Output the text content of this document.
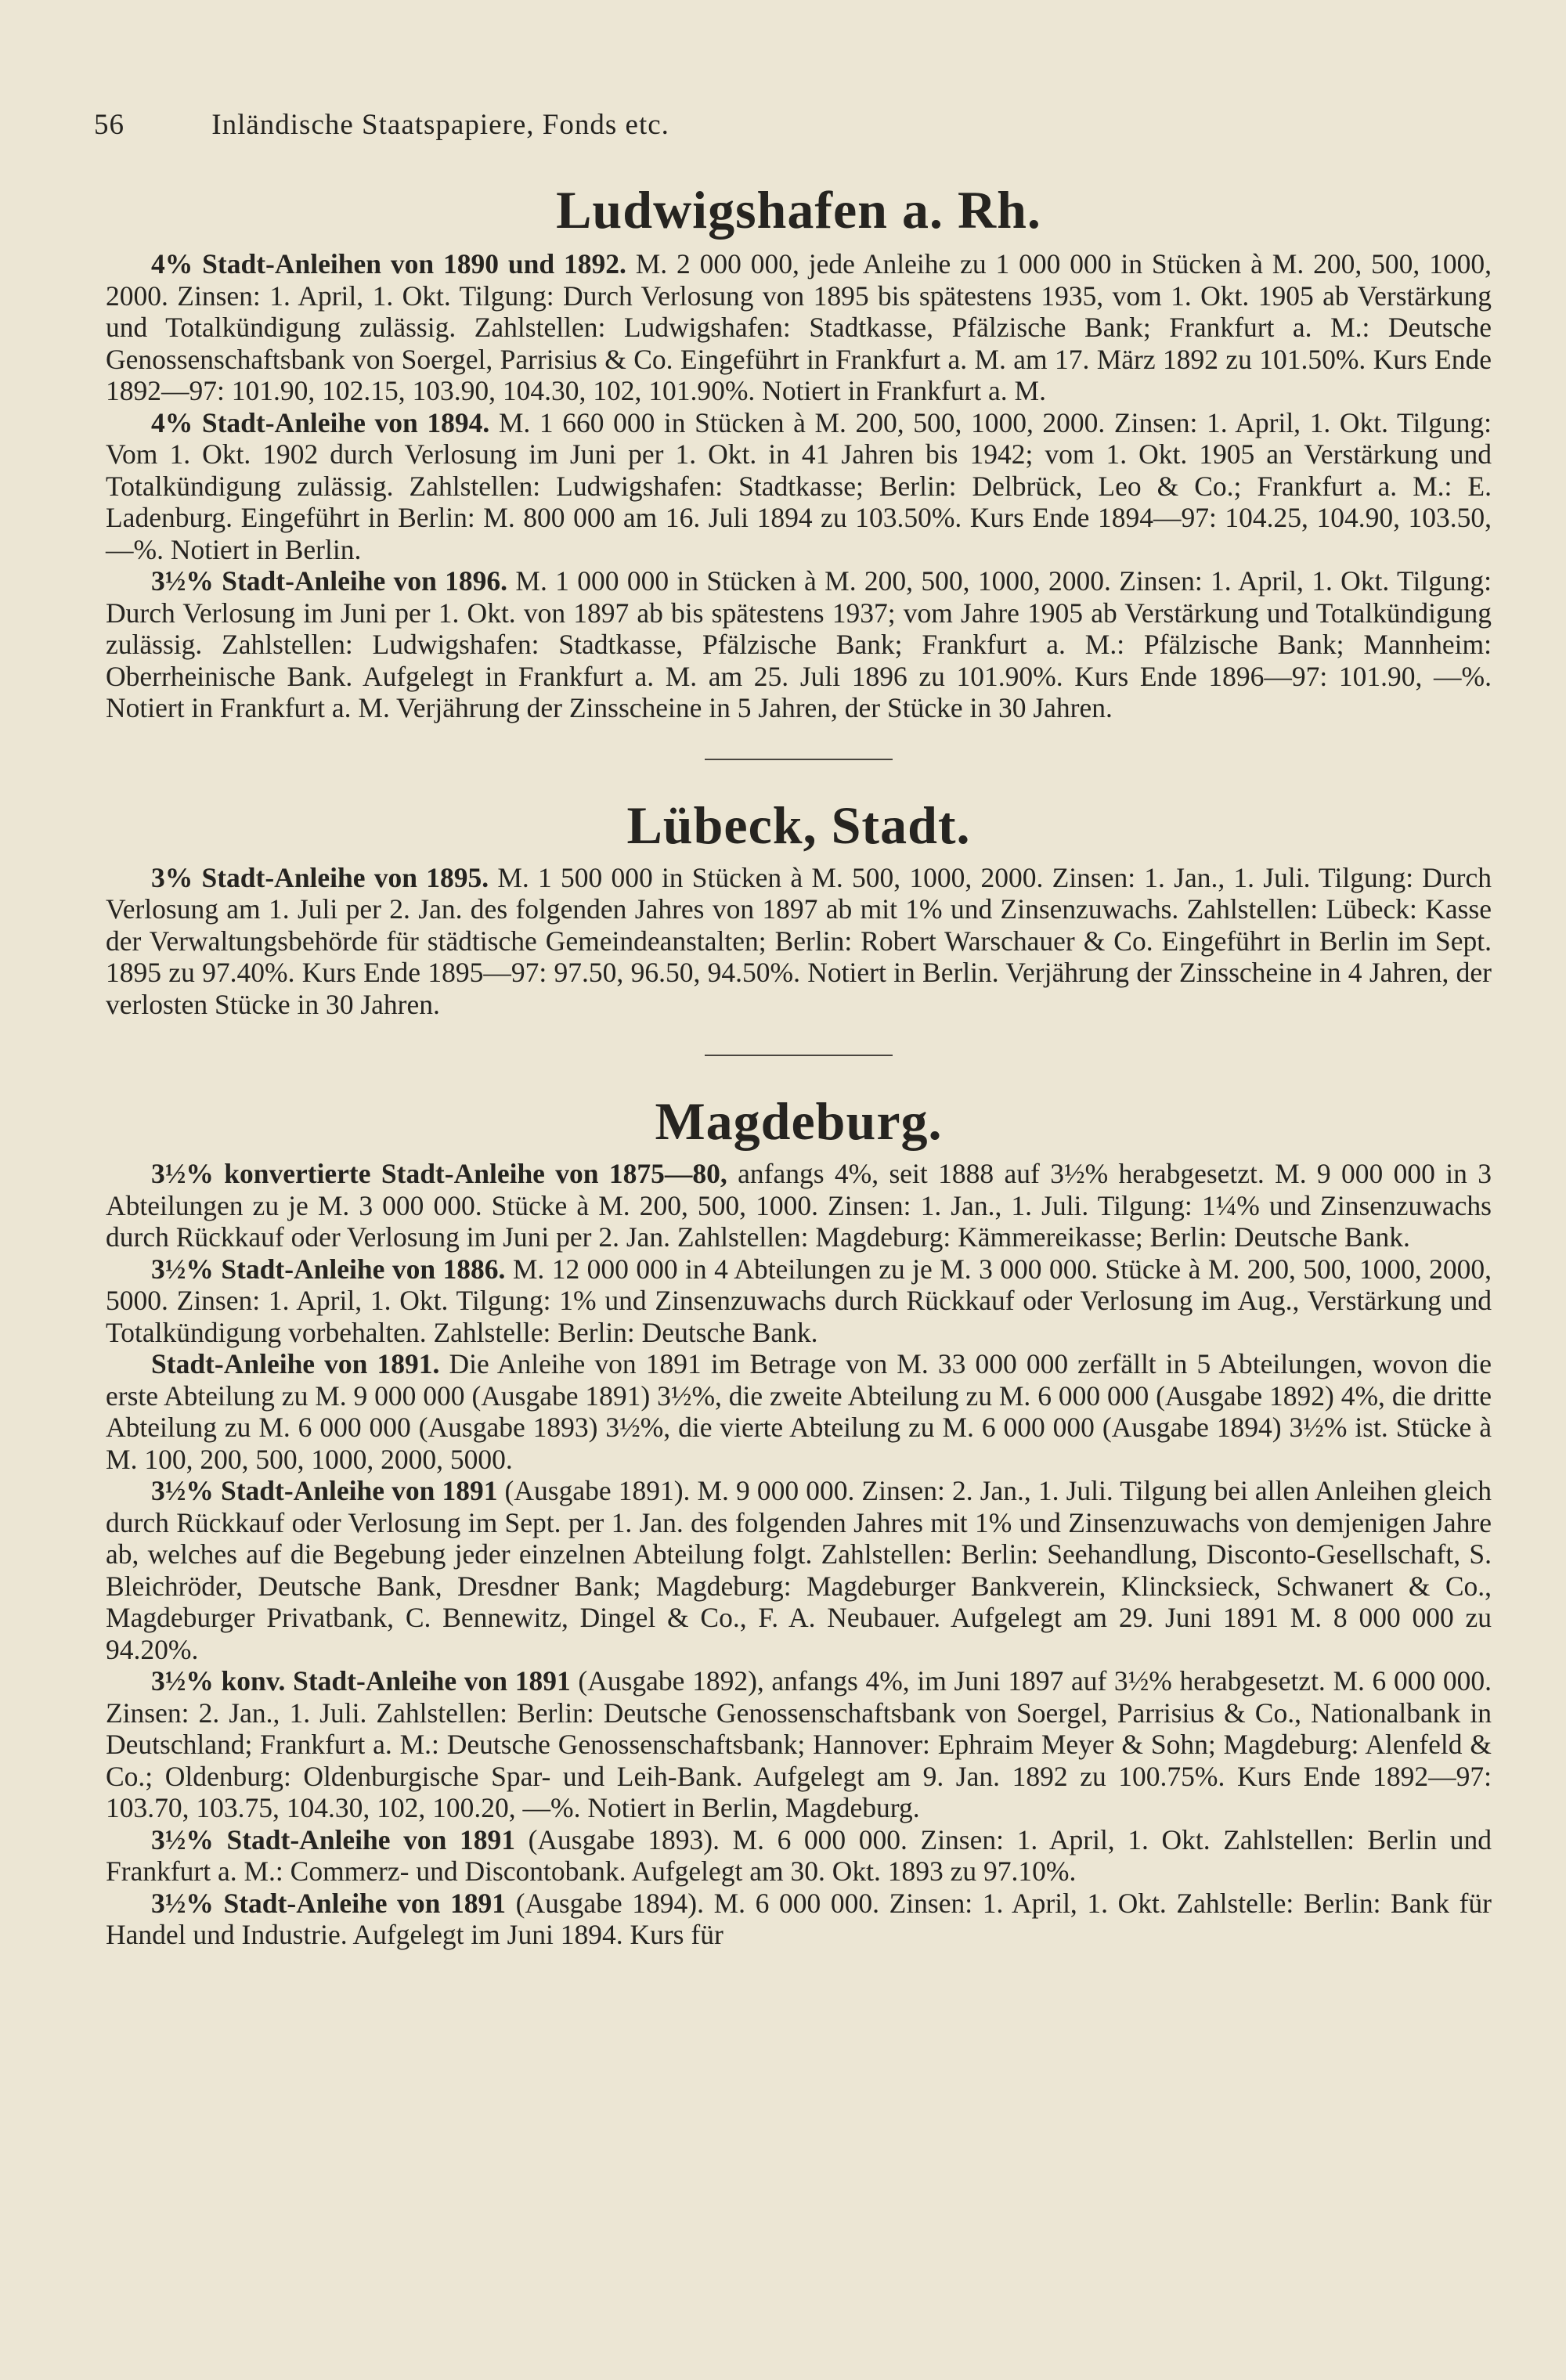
56	Inländische Staatspapiere, Fonds etc.
Ludwigshafen a. Rh.

4% Stadt-Anleihen von 1890 und 1892. M. 2 000 000, jede Anleihe zu 1 000 000 in Stücken à M. 200, 500, 1000, 2000. Zinsen: 1. April, 1. Okt. Tilgung: Durch Verlosung von 1895 bis spätestens 1935, vom 1. Okt. 1905 ab Verstärkung und Totalkündigung zulässig. Zahlstellen: Ludwigshafen: Stadtkasse, Pfälzische Bank; Frankfurt a. M.: Deutsche Genossenschaftsbank von Soergel, Parrisius & Co. Eingeführt in Frankfurt a. M. am 17. März 1892 zu 101.50%. Kurs Ende 1892—97: 101.90, 102.15, 103.90, 104.30, 102, 101.90%. Notiert in Frankfurt a. M.

4% Stadt-Anleihe von 1894. M. 1 660 000 in Stücken à M. 200, 500, 1000, 2000. Zinsen: 1. April, 1. Okt. Tilgung: Vom 1. Okt. 1902 durch Verlosung im Juni per 1. Okt. in 41 Jahren bis 1942; vom 1. Okt. 1905 an Verstärkung und Totalkündigung zulässig. Zahlstellen: Ludwigshafen: Stadtkasse; Berlin: Delbrück, Leo & Co.; Frankfurt a. M.: E. Ladenburg. Eingeführt in Berlin: M. 800 000 am 16. Juli 1894 zu 103.50%. Kurs Ende 1894—97: 104.25, 104.90, 103.50, —%. Notiert in Berlin.

3½% Stadt-Anleihe von 1896. M. 1 000 000 in Stücken à M. 200, 500, 1000, 2000. Zinsen: 1. April, 1. Okt. Tilgung: Durch Verlosung im Juni per 1. Okt. von 1897 ab bis spätestens 1937; vom Jahre 1905 ab Verstärkung und Totalkündigung zulässig. Zahlstellen: Ludwigshafen: Stadtkasse, Pfälzische Bank; Frankfurt a. M.: Pfälzische Bank; Mannheim: Oberrheinische Bank. Aufgelegt in Frankfurt a. M. am 25. Juli 1896 zu 101.90%. Kurs Ende 1896—97: 101.90, —%. Notiert in Frankfurt a. M. Verjährung der Zinsscheine in 5 Jahren, der Stücke in 30 Jahren.

Lübeck, Stadt.

3% Stadt-Anleihe von 1895. M. 1 500 000 in Stücken à M. 500, 1000, 2000. Zinsen: 1. Jan., 1. Juli. Tilgung: Durch Verlosung am 1. Juli per 2. Jan. des folgenden Jahres von 1897 ab mit 1% und Zinsenzuwachs. Zahlstellen: Lübeck: Kasse der Verwaltungsbehörde für städtische Gemeindeanstalten; Berlin: Robert Warschauer & Co. Eingeführt in Berlin im Sept. 1895 zu 97.40%. Kurs Ende 1895—97: 97.50, 96.50, 94.50%. Notiert in Berlin. Verjährung der Zinsscheine in 4 Jahren, der verlosten Stücke in 30 Jahren.

Magdeburg.

3½% konvertierte Stadt-Anleihe von 1875—80, anfangs 4%, seit 1888 auf 3½% herabgesetzt. M. 9 000 000 in 3 Abteilungen zu je M. 3 000 000. Stücke à M. 200, 500, 1000. Zinsen: 1. Jan., 1. Juli. Tilgung: 1¼% und Zinsenzuwachs durch Rückkauf oder Verlosung im Juni per 2. Jan. Zahlstellen: Magdeburg: Kämmereikasse; Berlin: Deutsche Bank.

3½% Stadt-Anleihe von 1886. M. 12 000 000 in 4 Abteilungen zu je M. 3 000 000. Stücke à M. 200, 500, 1000, 2000, 5000. Zinsen: 1. April, 1. Okt. Tilgung: 1% und Zinsenzuwachs durch Rückkauf oder Verlosung im Aug., Verstärkung und Totalkündigung vorbehalten. Zahlstelle: Berlin: Deutsche Bank.

Stadt-Anleihe von 1891. Die Anleihe von 1891 im Betrage von M. 33 000 000 zerfällt in 5 Abteilungen, wovon die erste Abteilung zu M. 9 000 000 (Ausgabe 1891) 3½%, die zweite Abteilung zu M. 6 000 000 (Ausgabe 1892) 4%, die dritte Abteilung zu M. 6 000 000 (Ausgabe 1893) 3½%, die vierte Abteilung zu M. 6 000 000 (Ausgabe 1894) 3½% ist. Stücke à M. 100, 200, 500, 1000, 2000, 5000.

3½% Stadt-Anleihe von 1891 (Ausgabe 1891). M. 9 000 000. Zinsen: 2. Jan., 1. Juli. Tilgung bei allen Anleihen gleich durch Rückkauf oder Verlosung im Sept. per 1. Jan. des folgenden Jahres mit 1% und Zinsenzuwachs von demjenigen Jahre ab, welches auf die Begebung jeder einzelnen Abteilung folgt. Zahlstellen: Berlin: Seehandlung, Disconto-Gesellschaft, S. Bleichröder, Deutsche Bank, Dresdner Bank; Magdeburg: Magdeburger Bankverein, Klincksieck, Schwanert & Co., Magdeburger Privatbank, C. Bennewitz, Dingel & Co., F. A. Neubauer. Aufgelegt am 29. Juni 1891 M. 8 000 000 zu 94.20%.

3½% konv. Stadt-Anleihe von 1891 (Ausgabe 1892), anfangs 4%, im Juni 1897 auf 3½% herabgesetzt. M. 6 000 000. Zinsen: 2. Jan., 1. Juli. Zahlstellen: Berlin: Deutsche Genossenschaftsbank von Soergel, Parrisius & Co., Nationalbank in Deutschland; Frankfurt a. M.: Deutsche Genossenschaftsbank; Hannover: Ephraim Meyer & Sohn; Magdeburg: Alenfeld & Co.; Oldenburg: Oldenburgische Spar- und Leih-Bank. Aufgelegt am 9. Jan. 1892 zu 100.75%. Kurs Ende 1892—97: 103.70, 103.75, 104.30, 102, 100.20, —%. Notiert in Berlin, Magdeburg.

3½% Stadt-Anleihe von 1891 (Ausgabe 1893). M. 6 000 000. Zinsen: 1. April, 1. Okt. Zahlstellen: Berlin und Frankfurt a. M.: Commerz- und Discontobank. Aufgelegt am 30. Okt. 1893 zu 97.10%.

3½% Stadt-Anleihe von 1891 (Ausgabe 1894). M. 6 000 000. Zinsen: 1. April, 1. Okt. Zahlstelle: Berlin: Bank für Handel und Industrie. Aufgelegt im Juni 1894. Kurs für
